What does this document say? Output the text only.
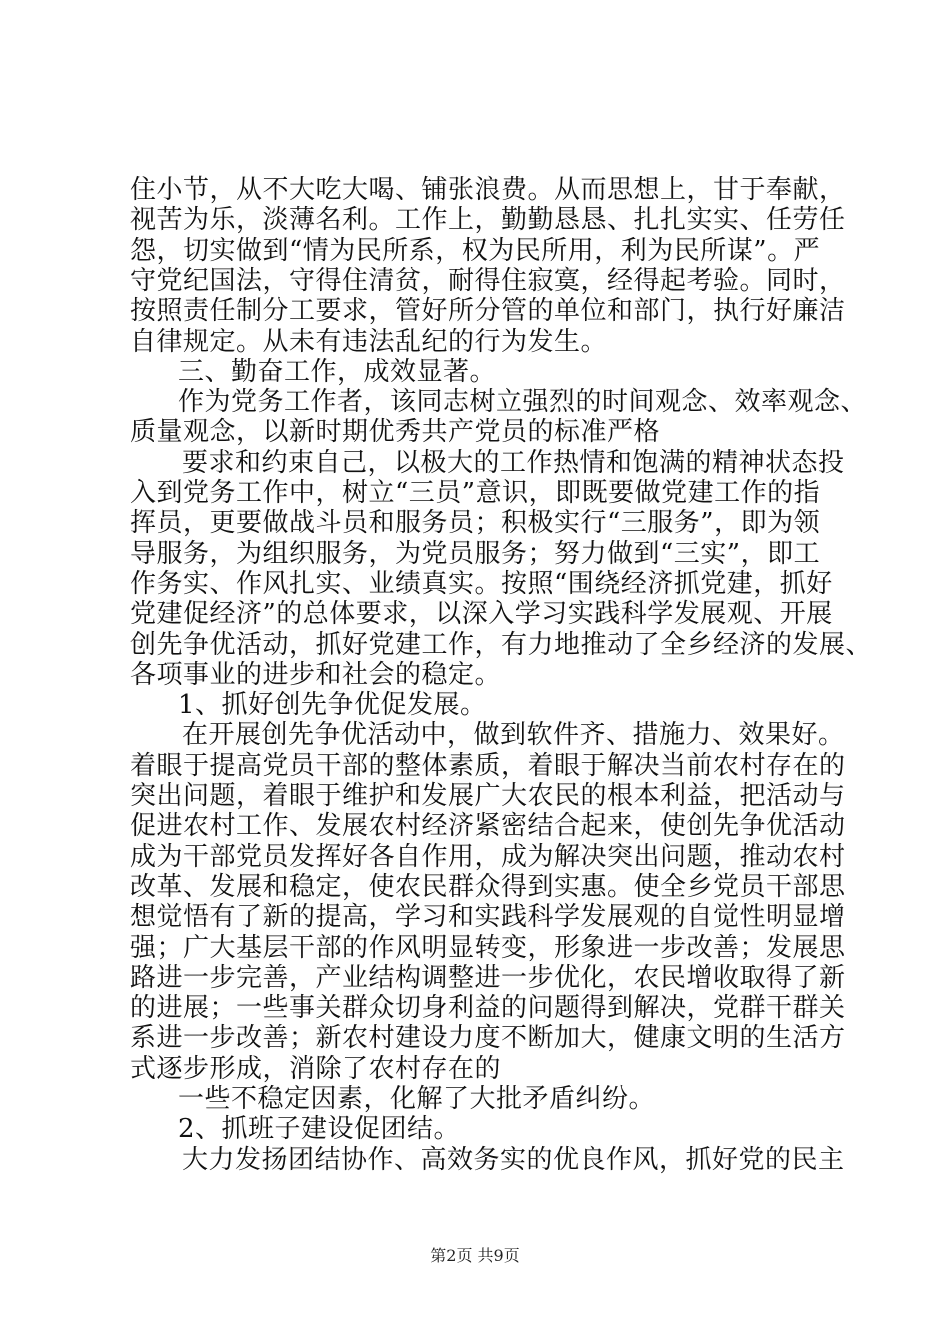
住小节，从不大吃大喝、铺张浪费。从而思想上，甘于奉献，
视苦为乐，淡薄名利。工作上，勤勤恳恳、扎扎实实、任劳任
怨，切实做到“情为民所系，权为民所用，利为民所谋”。严
守党纪国法，守得住清贫，耐得住寂寞，经得起考验。同时，
按照责任制分工要求，管好所分管的单位和部门，执行好廉洁
自律规定。从未有违法乱纪的行为发生。
三、勤奋工作，成效显著。
作为党务工作者，该同志树立强烈的时间观念、效率观念、
质量观念，以新时期优秀共产党员的标准严格
要求和约束自己，以极大的工作热情和饱满的精神状态投
入到党务工作中，树立“三员”意识，即既要做党建工作的指
挥员，更要做战斗员和服务员；积极实行“三服务”，即为领
导服务，为组织服务，为党员服务；努力做到“三实”，即工
作务实、作风扎实、业绩真实。按照“围绕经济抓党建，抓好
党建促经济”的总体要求，以深入学习实践科学发展观、开展
创先争优活动，抓好党建工作，有力地推动了全乡经济的发展、
各项事业的进步和社会的稳定。
1、抓好创先争优促发展。
在开展创先争优活动中，做到软件齐、措施力、效果好。
着眼于提高党员干部的整体素质，着眼于解决当前农村存在的
突出问题，着眼于维护和发展广大农民的根本利益，把活动与
促进农村工作、发展农村经济紧密结合起来，使创先争优活动
成为干部党员发挥好各自作用，成为解决突出问题，推动农村
改革、发展和稳定，使农民群众得到实惠。使全乡党员干部思
想觉悟有了新的提高，学习和实践科学发展观的自觉性明显增
强；广大基层干部的作风明显转变，形象进一步改善；发展思
路进一步完善，产业结构调整进一步优化，农民增收取得了新
的进展；一些事关群众切身利益的问题得到解决，党群干群关
系进一步改善；新农村建设力度不断加大，健康文明的生活方
式逐步形成，消除了农村存在的
一些不稳定因素，化解了大批矛盾纠纷。
2、抓班子建设促团结。
大力发扬团结协作、高效务实的优良作风，抓好党的民主
第2页 共9页
